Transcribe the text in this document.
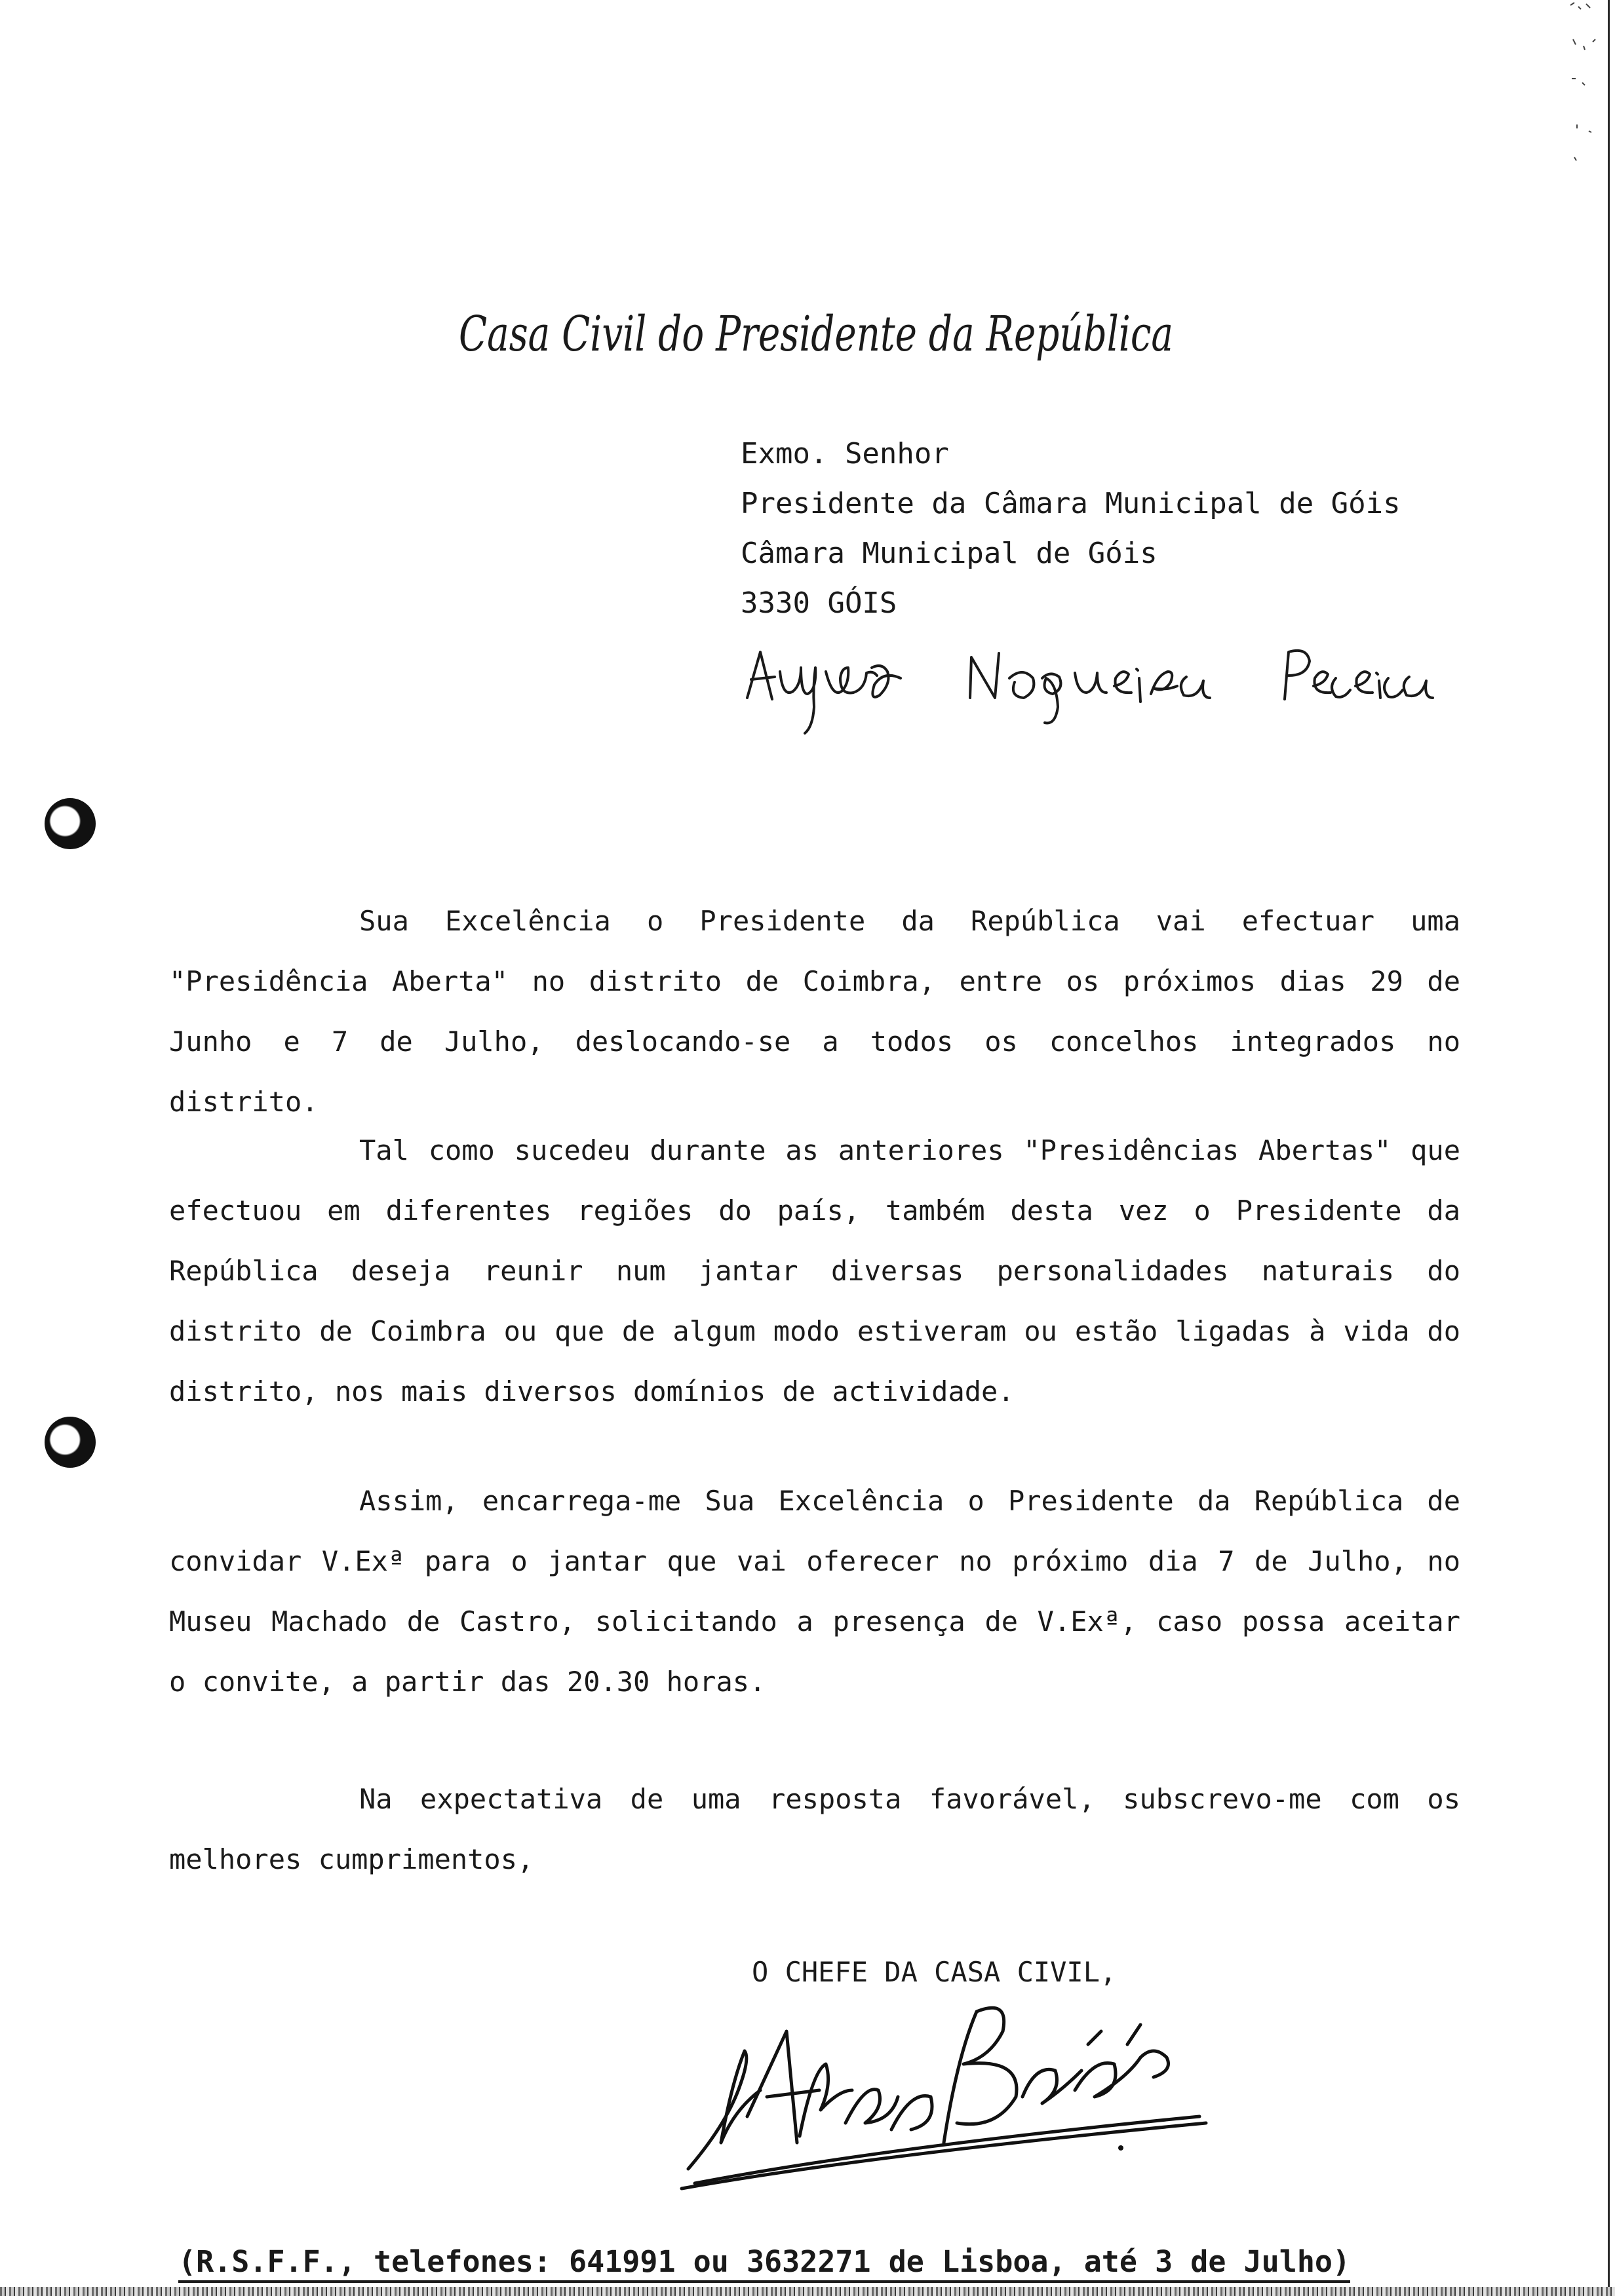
Casa Civil do Presidente da República
Exmo. Senhor
Presidente da Câmara Municipal de Góis
Câmara Municipal de Góis
3330 GÓIS
Sua Excelência o Presidente da República vai efectuar uma "Presidência Aberta" no distrito de Coimbra, entre os próximos dias 29 de Junho e 7 de Julho, deslocando-se a todos os concelhos integrados no distrito.
Tal como sucedeu durante as anteriores "Presidências Abertas" que efectuou em diferentes regiões do país, também desta vez o Presidente da República deseja reunir num jantar diversas personalidades naturais do distrito de Coimbra ou que de algum modo estiveram ou estão ligadas à vida do distrito, nos mais diversos domínios de actividade.
Assim, encarrega-me Sua Excelência o Presidente da República de convidar V.Exª para o jantar que vai oferecer no próximo dia 7 de Julho, no Museu Machado de Castro, solicitando a presença de V.Exª, caso possa aceitar o convite, a partir das 20.30 horas.
Na expectativa de uma resposta favorável, subscrevo-me com os melhores cumprimentos,
O CHEFE DA CASA CIVIL,
(R.S.F.F., telefones: 641991 ou 3632271 de Lisboa, até 3 de Julho)
